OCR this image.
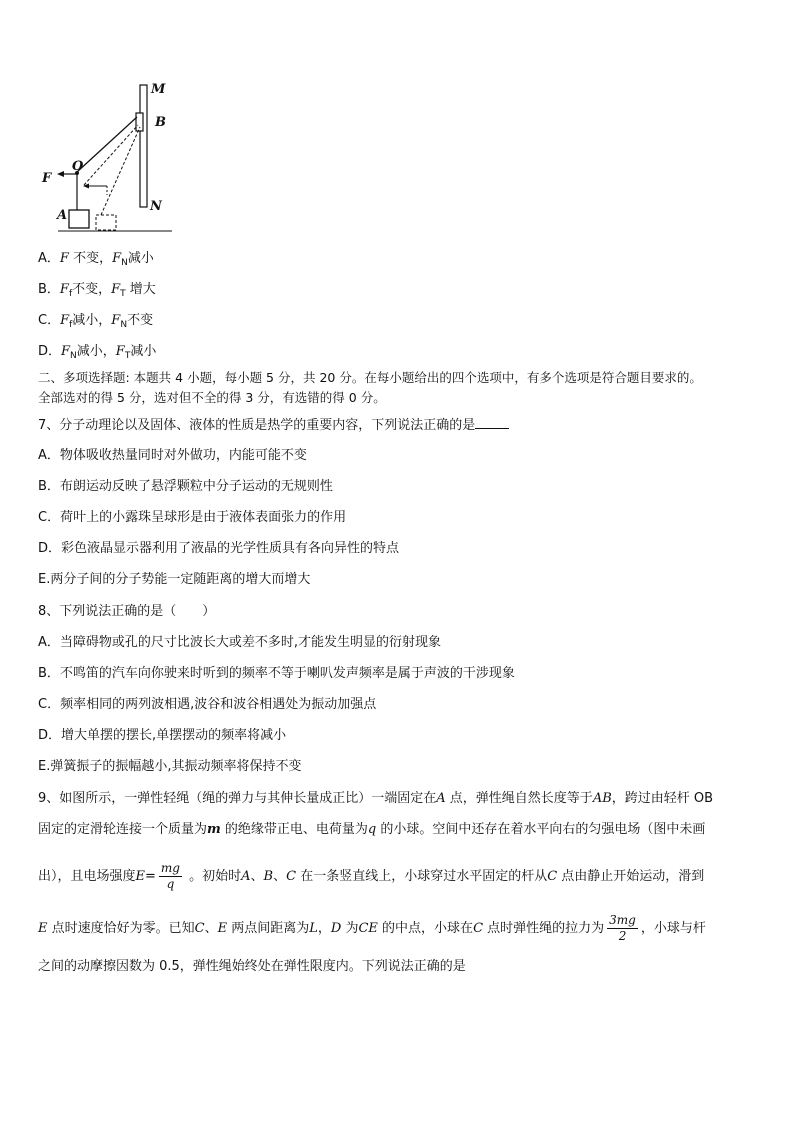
M
B
O
F
A
N
A．F 不变，$F_N$减小
B．$F_f$不变，$F_T$ 增大
C．$F_f$减小，$F_N$不变
D．$F_N$减小，$F_T$减小
二、多项选择题: 本题共 4 小题，每小题 5 分，共 20 分。在每小题给出的四个选项中，有多个选项是符合题目要求的。
全部选对的得 5 分，选对但不全的得 3 分，有选错的得 0 分。
7、分子动理论以及固体、液体的性质是热学的重要内容，下列说法正确的是
A．物体吸收热量同时对外做功，内能可能不变
B．布朗运动反映了悬浮颗粒中分子运动的无规则性
C．荷叶上的小露珠呈球形是由于液体表面张力的作用
D．彩色液晶显示器利用了液晶的光学性质具有各向异性的特点
E.两分子间的分子势能一定随距离的增大而增大
8、下列说法正确的是（　　）
A．当障碍物或孔的尺寸比波长大或差不多时,才能发生明显的衍射现象
B．不鸣笛的汽车向你驶来时听到的频率不等于喇叭发声频率是属于声波的干涉现象
C．频率相同的两列波相遇,波谷和波谷相遇处为振动加强点
D．增大单摆的摆长,单摆摆动的频率将减小
E.弹簧振子的振幅越小,其振动频率将保持不变
9、如图所示，一弹性轻绳（绳的弹力与其伸长量成正比）一端固定在A 点，弹性绳自然长度等于AB，跨过由轻杆 OB
固定的定滑轮连接一个质量为m 的绝缘带正电、电荷量为q 的小球。空间中还存在着水平向右的匀强电场（图中未画
出），且电场强度$E= \frac{mg}{q}$ 。初始时A、B、C 在一条竖直线上，小球穿过水平固定的杆从C 点由静止开始运动，滑到
E 点时速度恰好为零。已知C、E 两点间距离为L，D 为CE 的中点，小球在C 点时弹性绳的拉力为 $\frac{3mg}{2}$ ，小球与杆
之间的动摩擦因数为 0.5，弹性绳始终处在弹性限度内。下列说法正确的是
